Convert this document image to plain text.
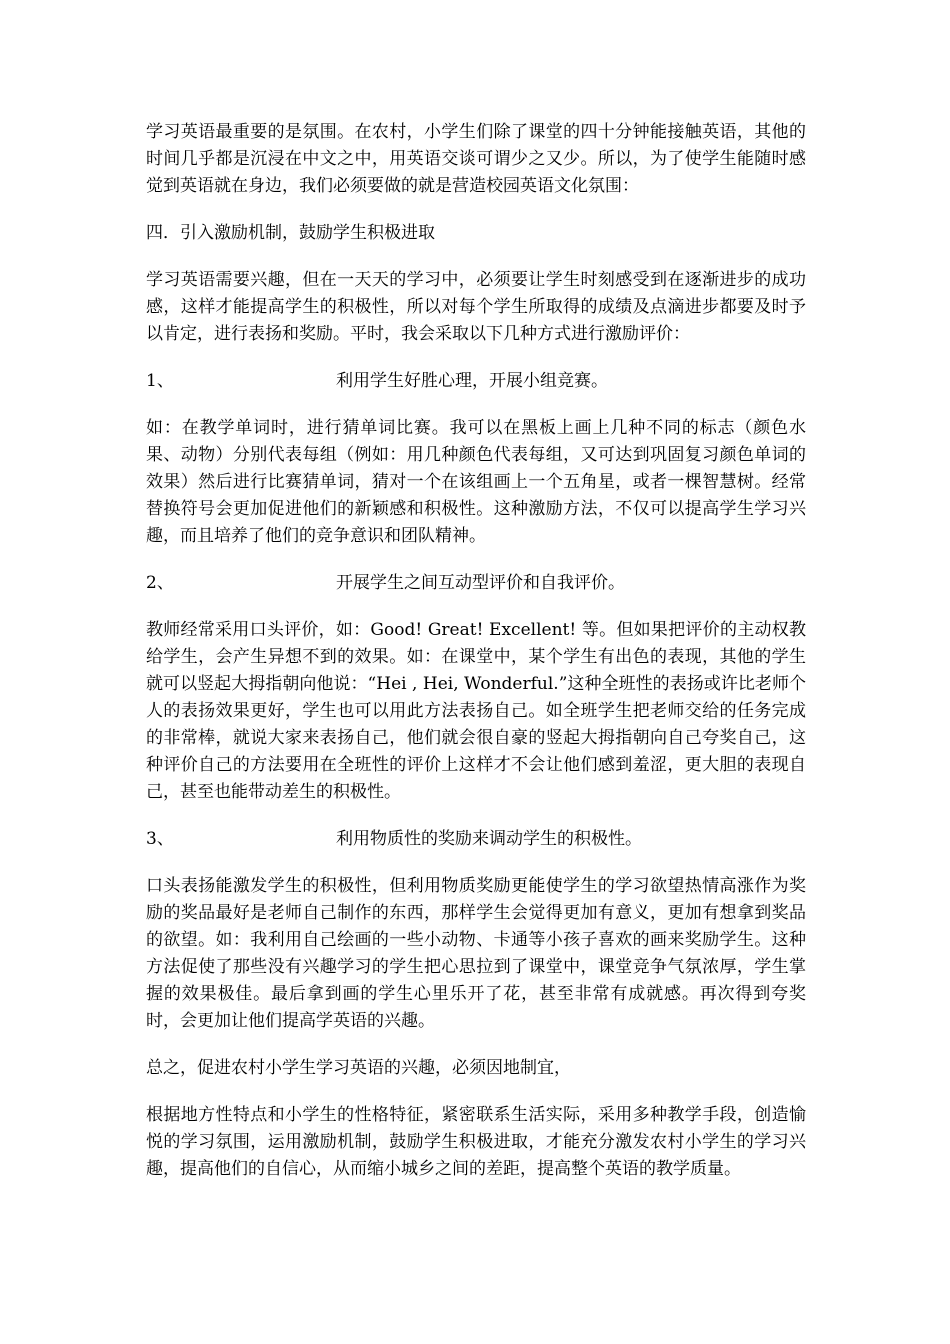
学习英语最重要的是氛围。在农村，小学生们除了课堂的四十分钟能接触英语，其他的时间几乎都是沉浸在中文之中，用英语交谈可谓少之又少。所以，为了使学生能随时感觉到英语就在身边，我们必须要做的就是营造校园英语文化氛围：

四．引入激励机制，鼓励学生积极进取

学习英语需要兴趣，但在一天天的学习中，必须要让学生时刻感受到在逐渐进步的成功感，这样才能提高学生的积极性，所以对每个学生所取得的成绩及点滴进步都要及时予以肯定，进行表扬和奖励。平时，我会采取以下几种方式进行激励评价：

1、	利用学生好胜心理，开展小组竞赛。

如：在教学单词时，进行猜单词比赛。我可以在黑板上画上几种不同的标志（颜色水果、动物）分别代表每组（例如：用几种颜色代表每组，又可达到巩固复习颜色单词的效果）然后进行比赛猜单词，猜对一个在该组画上一个五角星，或者一棵智慧树。经常替换符号会更加促进他们的新颖感和积极性。这种激励方法，不仅可以提高学生学习兴趣，而且培养了他们的竞争意识和团队精神。

2、	开展学生之间互动型评价和自我评价。

教师经常采用口头评价，如：Good! Great! Excellent! 等。但如果把评价的主动权教给学生，会产生异想不到的效果。如：在课堂中，某个学生有出色的表现，其他的学生就可以竖起大拇指朝向他说：“Hei , Hei, Wonderful.”这种全班性的表扬或许比老师个人的表扬效果更好，学生也可以用此方法表扬自己。如全班学生把老师交给的任务完成的非常棒，就说大家来表扬自己，他们就会很自豪的竖起大拇指朝向自己夸奖自己，这种评价自己的方法要用在全班性的评价上这样才不会让他们感到羞涩，更大胆的表现自己，甚至也能带动差生的积极性。

3、	利用物质性的奖励来调动学生的积极性。

口头表扬能激发学生的积极性，但利用物质奖励更能使学生的学习欲望热情高涨作为奖励的奖品最好是老师自己制作的东西，那样学生会觉得更加有意义，更加有想拿到奖品的欲望。如：我利用自己绘画的一些小动物、卡通等小孩子喜欢的画来奖励学生。这种方法促使了那些没有兴趣学习的学生把心思拉到了课堂中，课堂竞争气氛浓厚，学生掌握的效果极佳。最后拿到画的学生心里乐开了花，甚至非常有成就感。再次得到夸奖时，会更加让他们提高学英语的兴趣。

总之，促进农村小学生学习英语的兴趣，必须因地制宜，

根据地方性特点和小学生的性格特征，紧密联系生活实际，采用多种教学手段，创造愉悦的学习氛围，运用激励机制，鼓励学生积极进取，才能充分激发农村小学生的学习兴趣，提高他们的自信心，从而缩小城乡之间的差距，提高整个英语的教学质量。
